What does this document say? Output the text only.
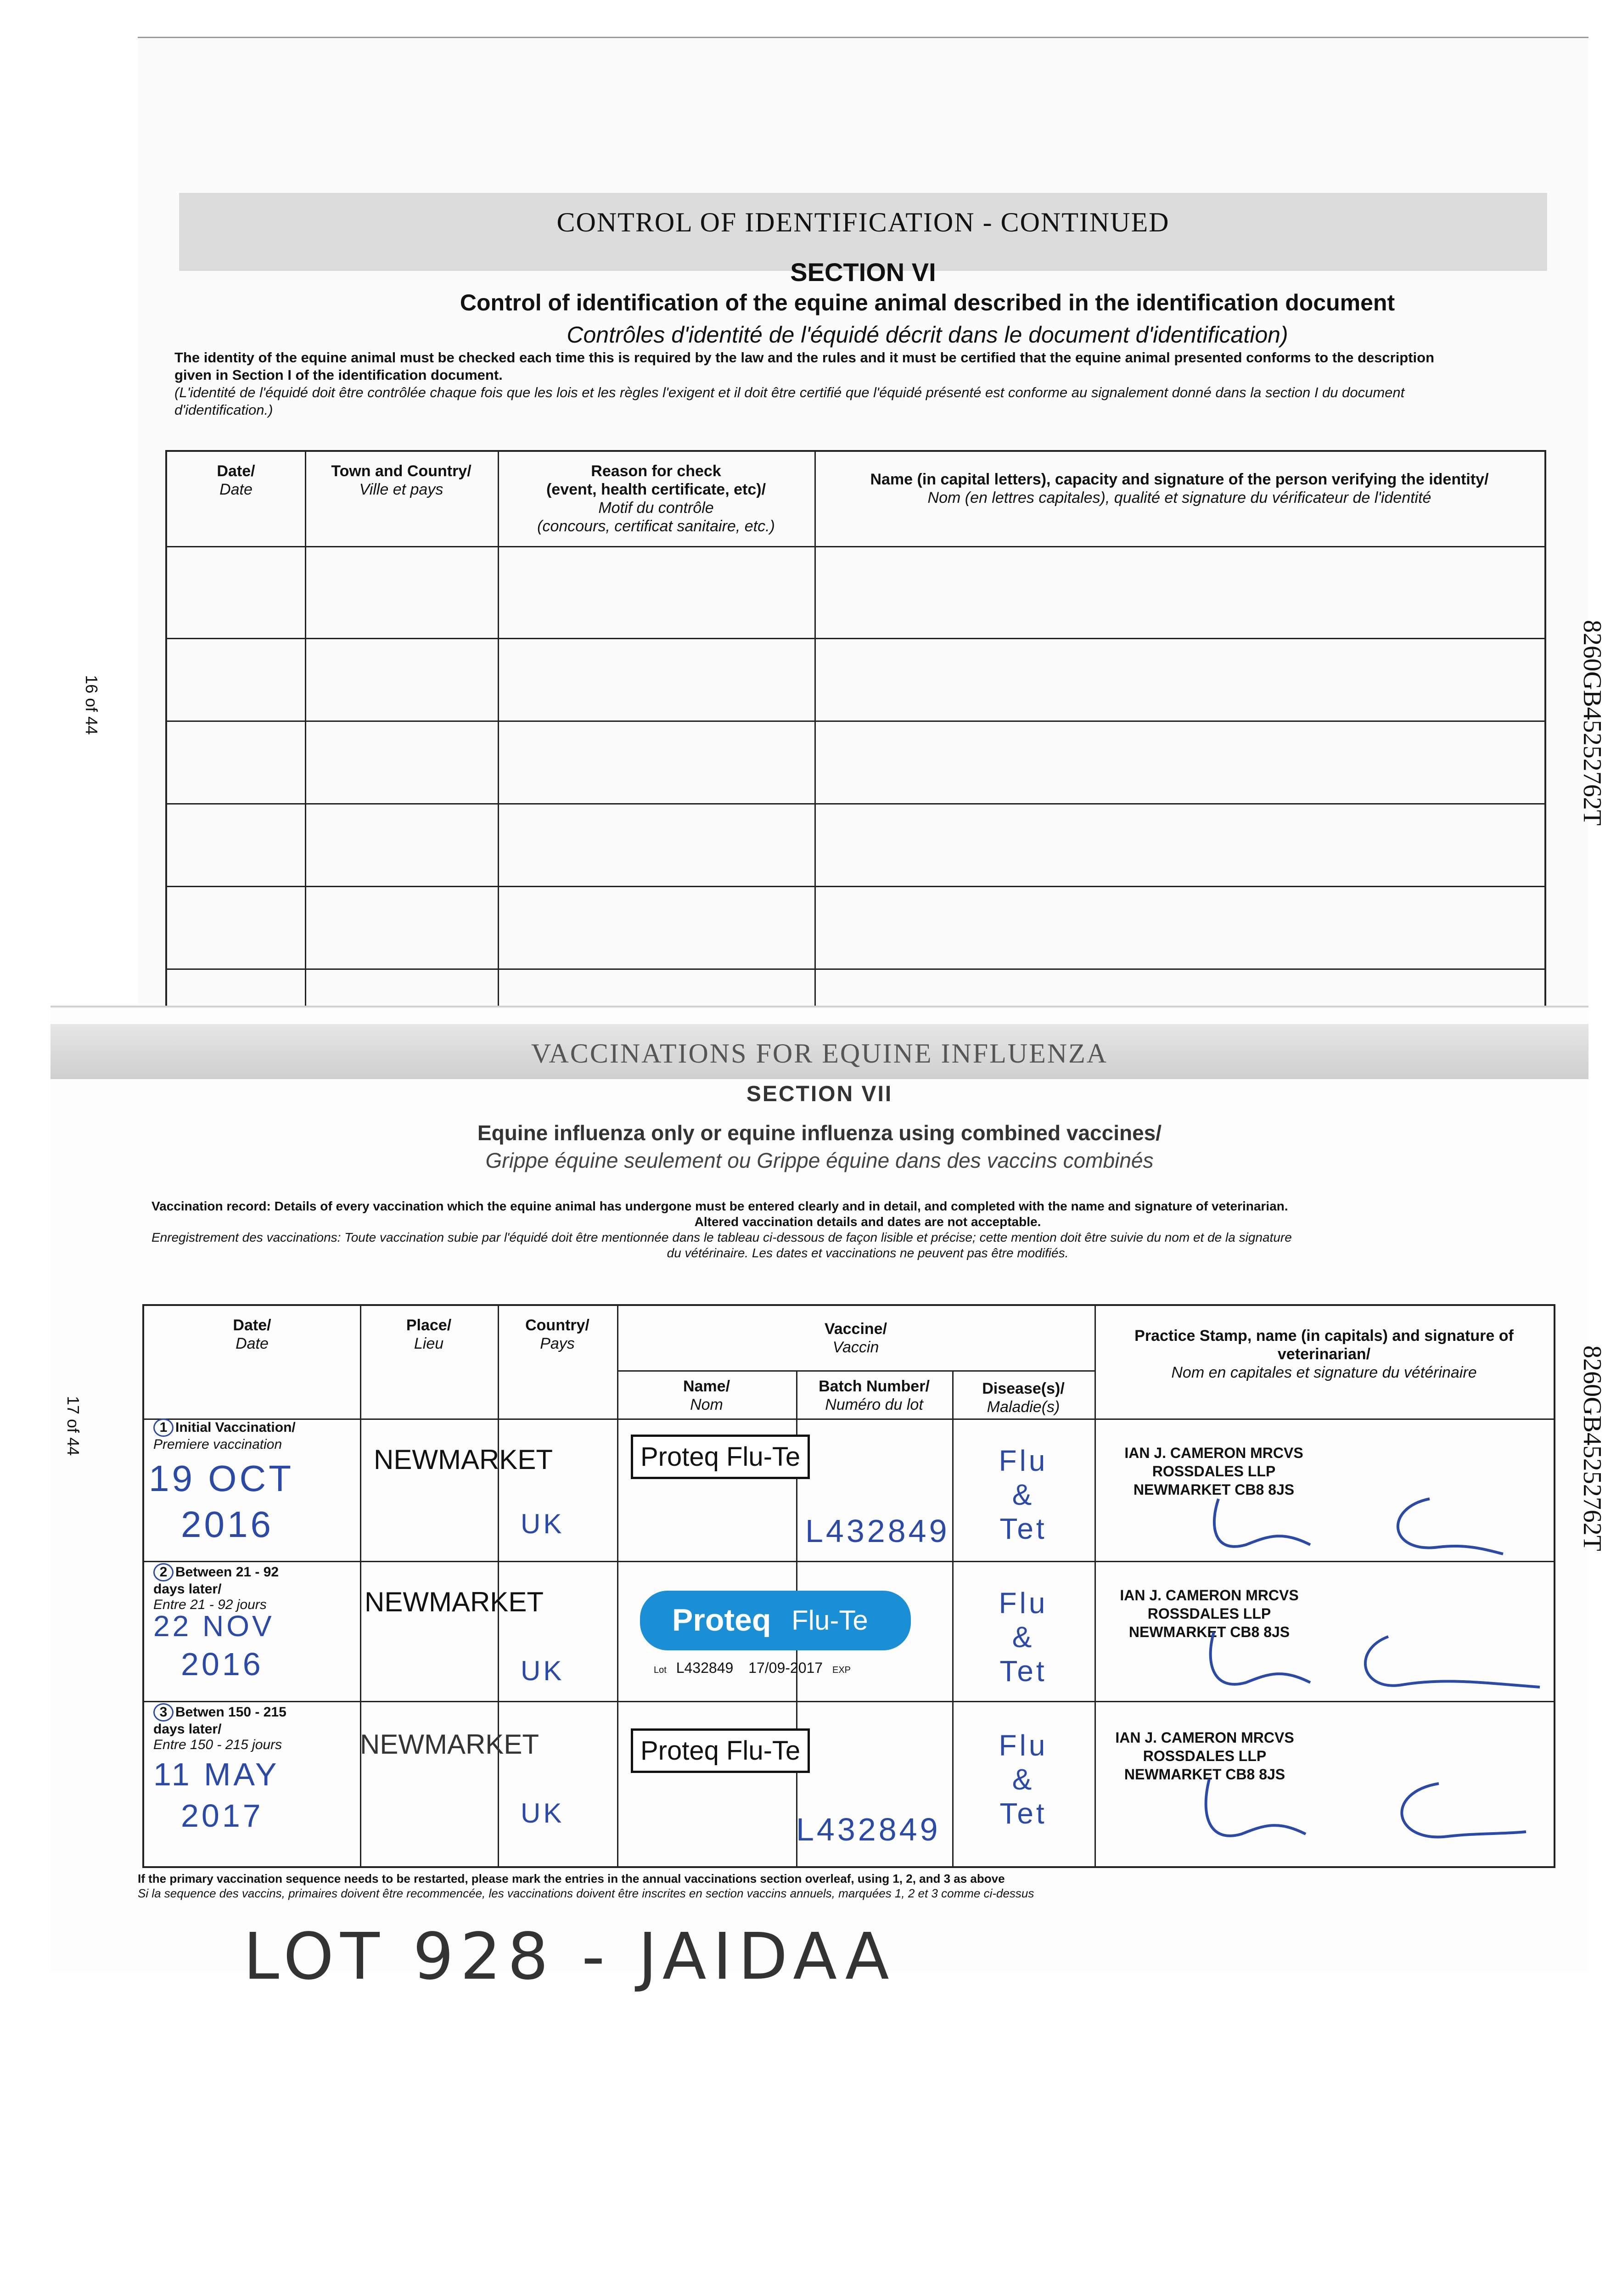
CONTROL OF IDENTIFICATION - CONTINUED
SECTION VI
Control of identification of the equine animal described in the identification document
Contrôles d'identité de l'équidé décrit dans le document d'identification)
The identity of the equine animal must be checked each time this is required by the law and the rules and it must be certified that the equine animal presented conforms to the description
given in Section I of the identification document.
(L'identité de l'équidé doit être contrôlée chaque fois que les lois et les règles l'exigent et il doit être certifié que l'équidé présenté est conforme au signalement donné dans la section I du document
d'identification.)
Date/
Date
Town and Country/
Ville et pays
Reason for check
(event, health certificate, etc)/
Motif du contrôle
(concours, certificat sanitaire, etc.)
Name (in capital letters), capacity and signature of the person verifying the identity/
Nom (en lettres capitales), qualité et signature du vérificateur de l'identité
16 of 44	8260GB45252762T
VACCINATIONS FOR EQUINE INFLUENZA
SECTION VII
Equine influenza only or equine influenza using combined vaccines/
Grippe équine seulement ou Grippe équine dans des vaccins combinés
Vaccination record: Details of every vaccination which the equine animal has undergone must be entered clearly and in detail, and completed with the name and signature of veterinarian.
Altered vaccination details and dates are not acceptable.
Enregistrement des vaccinations: Toute vaccination subie par l'équidé doit être mentionnée dans le tableau ci-dessous de façon lisible et précise; cette mention doit être suivie du nom et de la signature
du vétérinaire. Les dates et vaccinations ne peuvent pas être modifiés.
Date/
Date
Place/
Lieu
Country/
Pays
Vaccine/
Vaccin
Name/
Nom
Batch Number/
Numéro du lot
Disease(s)/
Maladie(s)
Practice Stamp, name (in capitals) and signature of
veterinarian/
Nom en capitales et signature du vétérinaire
1 Initial Vaccination/
Premiere vaccination
19 OCT
2016
NEWMARKET
UK
Proteq Flu-Te
L432849
Flu
&
Tet
IAN J. CAMERON MRCVS
ROSSDALES LLP
NEWMARKET CB8 8JS
2 Between 21 - 92
days later/
Entre 21 - 92 jours
22 NOV
2016
NEWMARKET
UK
Proteq Flu-Te
Lot L432849 17/09-2017 EXP
Flu
&
Tet
IAN J. CAMERON MRCVS
ROSSDALES LLP
NEWMARKET CB8 8JS
3 Betwen 150 - 215
days later/
Entre 150 - 215 jours
11 MAY
2017
NEWMARKET
UK
Proteq Flu-Te
L432849
Flu
&
Tet
IAN J. CAMERON MRCVS
ROSSDALES LLP
NEWMARKET CB8 8JS
If the primary vaccination sequence needs to be restarted, please mark the entries in the annual vaccinations section overleaf, using 1, 2, and 3 as above
Si la sequence des vaccins, primaires doivent être recommencée, les vaccinations doivent être inscrites en section vaccins annuels, marquées 1, 2 et 3 comme ci-dessus
17 of 44	8260GB45252762T
LOT 928 - JAIDAA
